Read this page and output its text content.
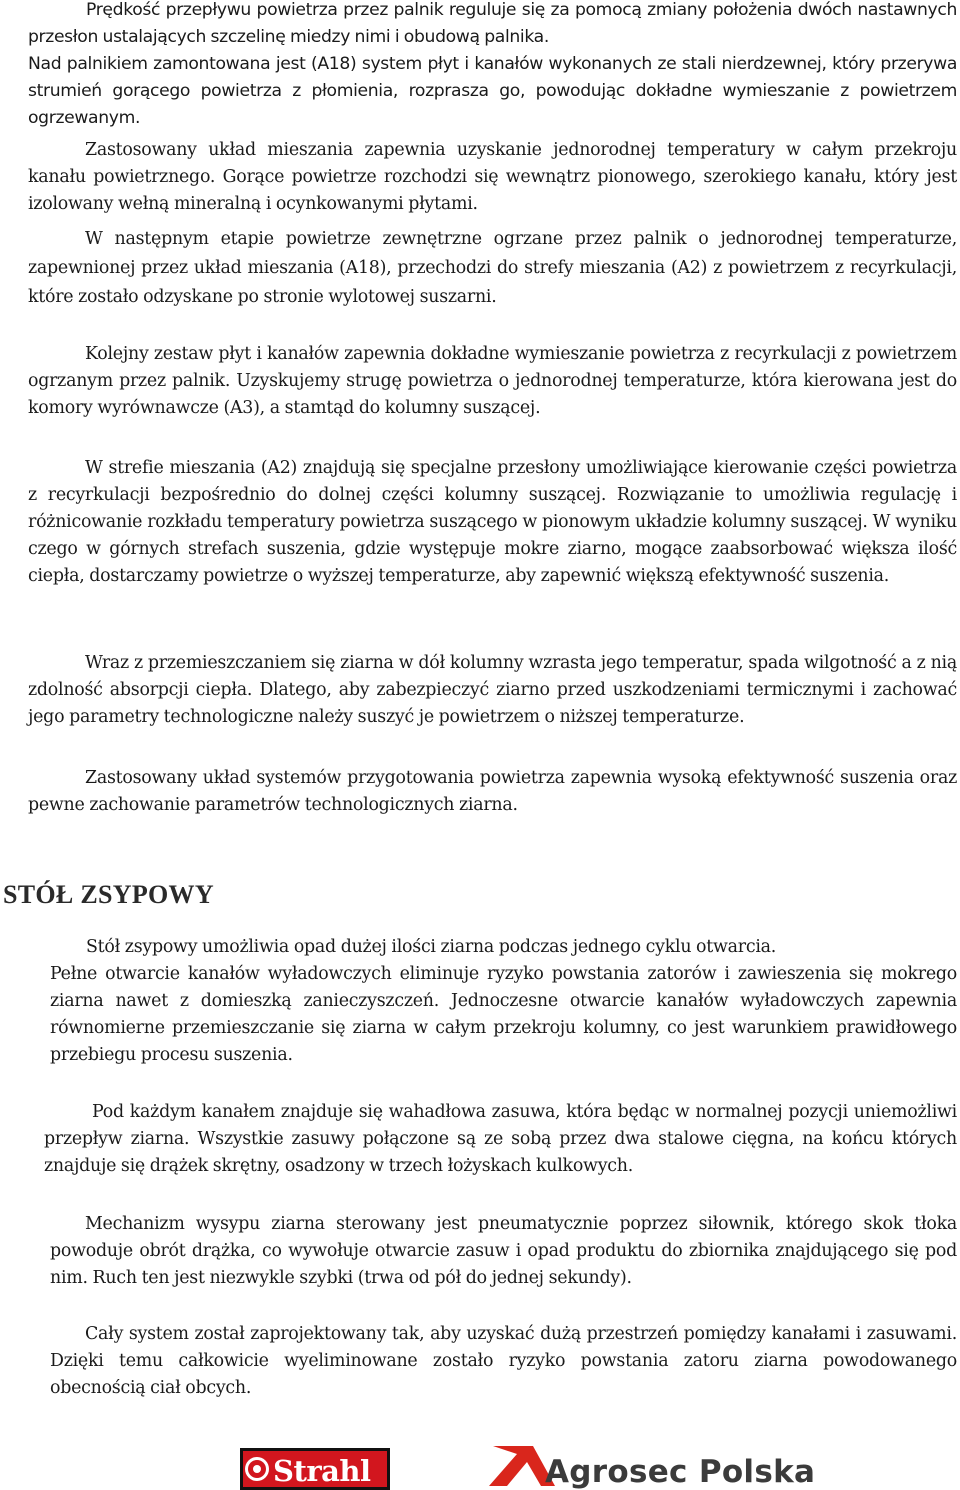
Prędkość przepływu powietrza przez palnik reguluje się za pomocą zmiany położenia dwóch nastawnych przesłon ustalających szczelinę miedzy nimi i obudową palnika.

Nad palnikiem zamontowana jest (A18) system płyt i kanałów wykonanych ze stali nierdzewnej, który przerywa strumień gorącego powietrza z płomienia, rozprasza go, powodując dokładne wymieszanie z powietrzem ogrzewanym.

Zastosowany układ mieszania zapewnia uzyskanie jednorodnej temperatury w całym przekroju kanału powietrznego. Gorące powietrze rozchodzi się wewnątrz pionowego, szerokiego kanału, który jest izolowany wełną mineralną i ocynkowanymi płytami.

W następnym etapie powietrze zewnętrzne ogrzane przez palnik o jednorodnej temperaturze, zapewnionej przez układ mieszania (A18), przechodzi do strefy mieszania (A2) z powietrzem z recyrkulacji, które zostało odzyskane po stronie wylotowej suszarni.

Kolejny zestaw płyt i kanałów zapewnia dokładne wymieszanie powietrza z recyrkulacji z powietrzem ogrzanym przez palnik. Uzyskujemy strugę powietrza o jednorodnej temperaturze, która kierowana jest do komory wyrównawcze (A3), a stamtąd do kolumny suszącej.

W strefie mieszania (A2) znajdują się specjalne przesłony umożliwiające kierowanie części powietrza z recyrkulacji bezpośrednio do dolnej części kolumny suszącej. Rozwiązanie to umożliwia regulację i różnicowanie rozkładu temperatury powietrza suszącego w pionowym układzie kolumny suszącej. W wyniku czego w górnych strefach suszenia, gdzie występuje mokre ziarno, mogące zaabsorbować większa ilość ciepła, dostarczamy powietrze o wyższej temperaturze, aby zapewnić większą efektywność suszenia.

Wraz z przemieszczaniem się ziarna w dół kolumny wzrasta jego temperatur, spada wilgotność a z nią zdolność absorpcji ciepła. Dlatego, aby zabezpieczyć ziarno przed uszkodzeniami termicznymi i zachować jego parametry technologiczne należy suszyć je powietrzem o niższej temperaturze.

Zastosowany układ systemów przygotowania powietrza zapewnia wysoką efektywność suszenia oraz pewne zachowanie parametrów technologicznych ziarna.

STÓŁ ZSYPOWY

Stół zsypowy umożliwia opad dużej ilości ziarna podczas jednego cyklu otwarcia.

Pełne otwarcie kanałów wyładowczych eliminuje ryzyko powstania zatorów i zawieszenia się mokrego ziarna nawet z domieszką zanieczyszczeń. Jednoczesne otwarcie kanałów wyładowczych zapewnia równomierne przemieszczanie się ziarna w całym przekroju kolumny, co jest warunkiem prawidłowego przebiegu procesu suszenia.

Pod każdym kanałem znajduje się wahadłowa zasuwa, która będąc w normalnej pozycji uniemożliwi przepływ ziarna. Wszystkie zasuwy połączone są ze sobą przez dwa stalowe cięgna, na końcu których znajduje się drążek skrętny, osadzony w trzech łożyskach kulkowych.

Mechanizm wysypu ziarna sterowany jest pneumatycznie poprzez siłownik, którego skok tłoka powoduje obrót drążka, co wywołuje otwarcie zasuw i opad produktu do zbiornika znajdującego się pod nim. Ruch ten jest niezwykle szybki (trwa od pół do jednej sekundy).

Cały system został zaprojektowany tak, aby uzyskać dużą przestrzeń pomiędzy kanałami i zasuwami. Dzięki temu całkowicie wyeliminowane zostało ryzyko powstania zatoru ziarna powodowanego obecnością ciał obcych.

Strahl	Agrosec Polska
